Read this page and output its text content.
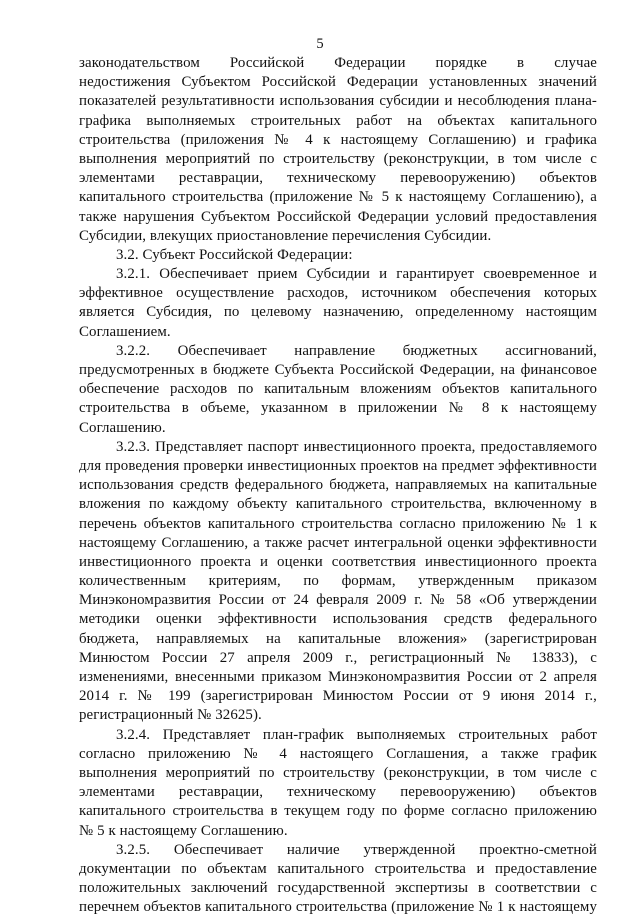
5
законодательством Российской Федерации порядке в случае
недостижения Субъектом Российской Федерации установленных значений
показателей результативности использования субсидии и несоблюдения плана-
графика выполняемых строительных работ на объектах капитального
строительства (приложения № 4 к настоящему Соглашению) и графика
выполнения мероприятий по строительству (реконструкции, в том числе с
элементами реставрации, техническому перевооружению) объектов
капитального строительства (приложение № 5 к настоящему Соглашению), а
также нарушения Субъектом Российской Федерации условий предоставления
Субсидии, влекущих приостановление перечисления Субсидии.
3.2. Субъект Российской Федерации:
3.2.1. Обеспечивает прием Субсидии и гарантирует своевременное и
эффективное осуществление расходов, источником обеспечения которых
является Субсидия, по целевому назначению, определенному настоящим
Соглашением.
3.2.2. Обеспечивает направление бюджетных ассигнований,
предусмотренных в бюджете Субъекта Российской Федерации, на финансовое
обеспечение расходов по капитальным вложениям объектов капитального
строительства в объеме, указанном в приложении № 8 к настоящему
Соглашению.
3.2.3. Представляет паспорт инвестиционного проекта, предоставляемого
для проведения проверки инвестиционных проектов на предмет эффективности
использования средств федерального бюджета, направляемых на капитальные
вложения по каждому объекту капитального строительства, включенному в
перечень объектов капитального строительства согласно приложению № 1 к
настоящему Соглашению, а также расчет интегральной оценки эффективности
инвестиционного проекта и оценки соответствия инвестиционного проекта
количественным критериям, по формам, утвержденным приказом
Минэкономразвития России от 24 февраля 2009 г. № 58 «Об утверждении
методики оценки эффективности использования средств федерального
бюджета, направляемых на капитальные вложения» (зарегистрирован
Минюстом России 27 апреля 2009 г., регистрационный № 13833), с
изменениями, внесенными приказом Минэкономразвития России от 2 апреля
2014 г. № 199 (зарегистрирован Минюстом России от 9 июня 2014 г.,
регистрационный № 32625).
3.2.4. Представляет план-график выполняемых строительных работ
согласно приложению № 4 настоящего Соглашения, а также график
выполнения мероприятий по строительству (реконструкции, в том числе с
элементами реставрации, техническому перевооружению) объектов
капитального строительства в текущем году по форме согласно приложению
№ 5 к настоящему Соглашению.
3.2.5. Обеспечивает наличие утвержденной проектно-сметной
документации по объектам капитального строительства и предоставление
положительных заключений государственной экспертизы в соответствии с
перечнем объектов капитального строительства (приложение № 1 к настоящему
